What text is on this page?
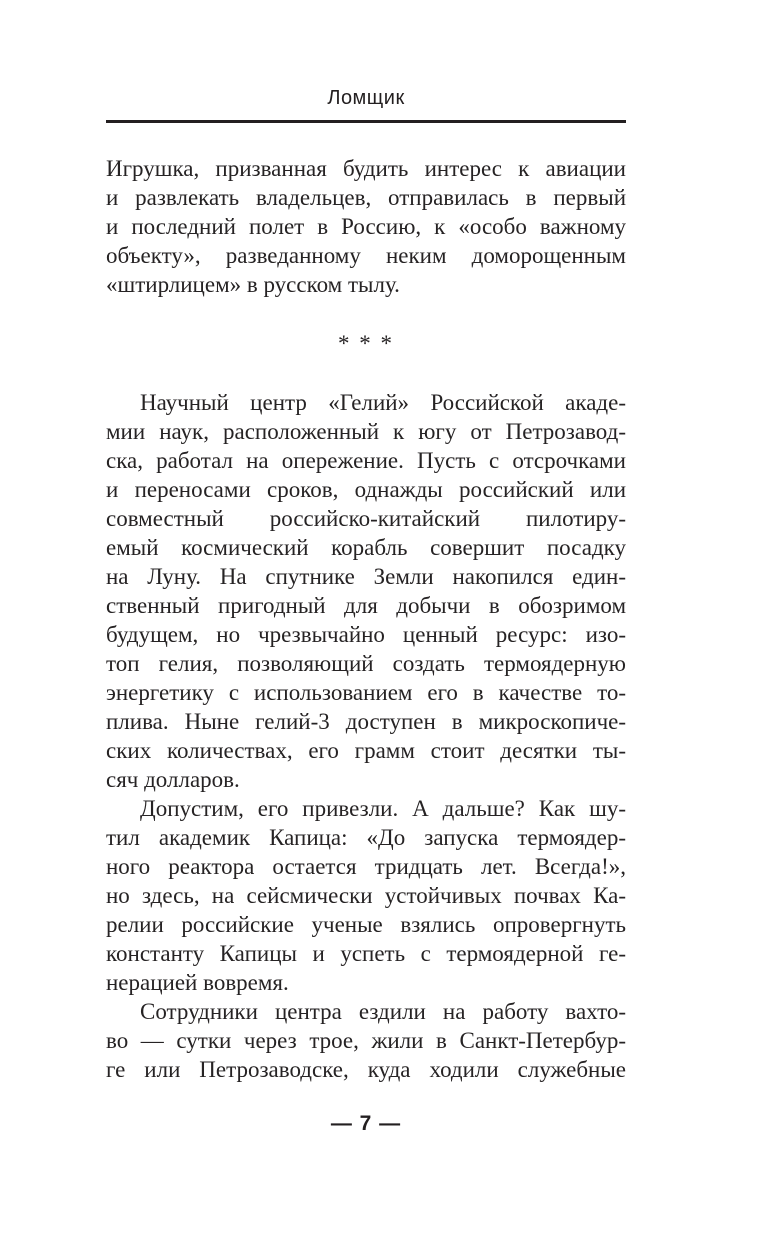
Ломщик
Игрушка, призванная будить интерес к авиации
и развлекать владельцев, отправилась в первый
и последний полет в Россию, к «особо важному
объекту», разведанному неким доморощенным
«штирлицем» в русском тылу.
* * *
Научный центр «Гелий» Российской акаде-
мии наук, расположенный к югу от Петрозавод-
ска, работал на опережение. Пусть с отсрочками
и переносами сроков, однажды российский или
совместный российско-китайский пилотиру-
емый космический корабль совершит посадку
на Луну. На спутнике Земли накопился един-
ственный пригодный для добычи в обозримом
будущем, но чрезвычайно ценный ресурс: изо-
топ гелия, позволяющий создать термоядерную
энергетику с использованием его в качестве то-
плива. Ныне гелий-3 доступен в микроскопиче-
ских количествах, его грамм стоит десятки ты-
сяч долларов.
Допустим, его привезли. А дальше? Как шу-
тил академик Капица: «До запуска термоядер-
ного реактора остается тридцать лет. Всегда!»,
но здесь, на сейсмически устойчивых почвах Ка-
релии российские ученые взялись опровергнуть
константу Капицы и успеть с термоядерной ге-
нерацией вовремя.
Сотрудники центра ездили на работу вахто-
во — сутки через трое, жили в Санкт-Петербур-
ге или Петрозаводске, куда ходили служебные
— 7 —
